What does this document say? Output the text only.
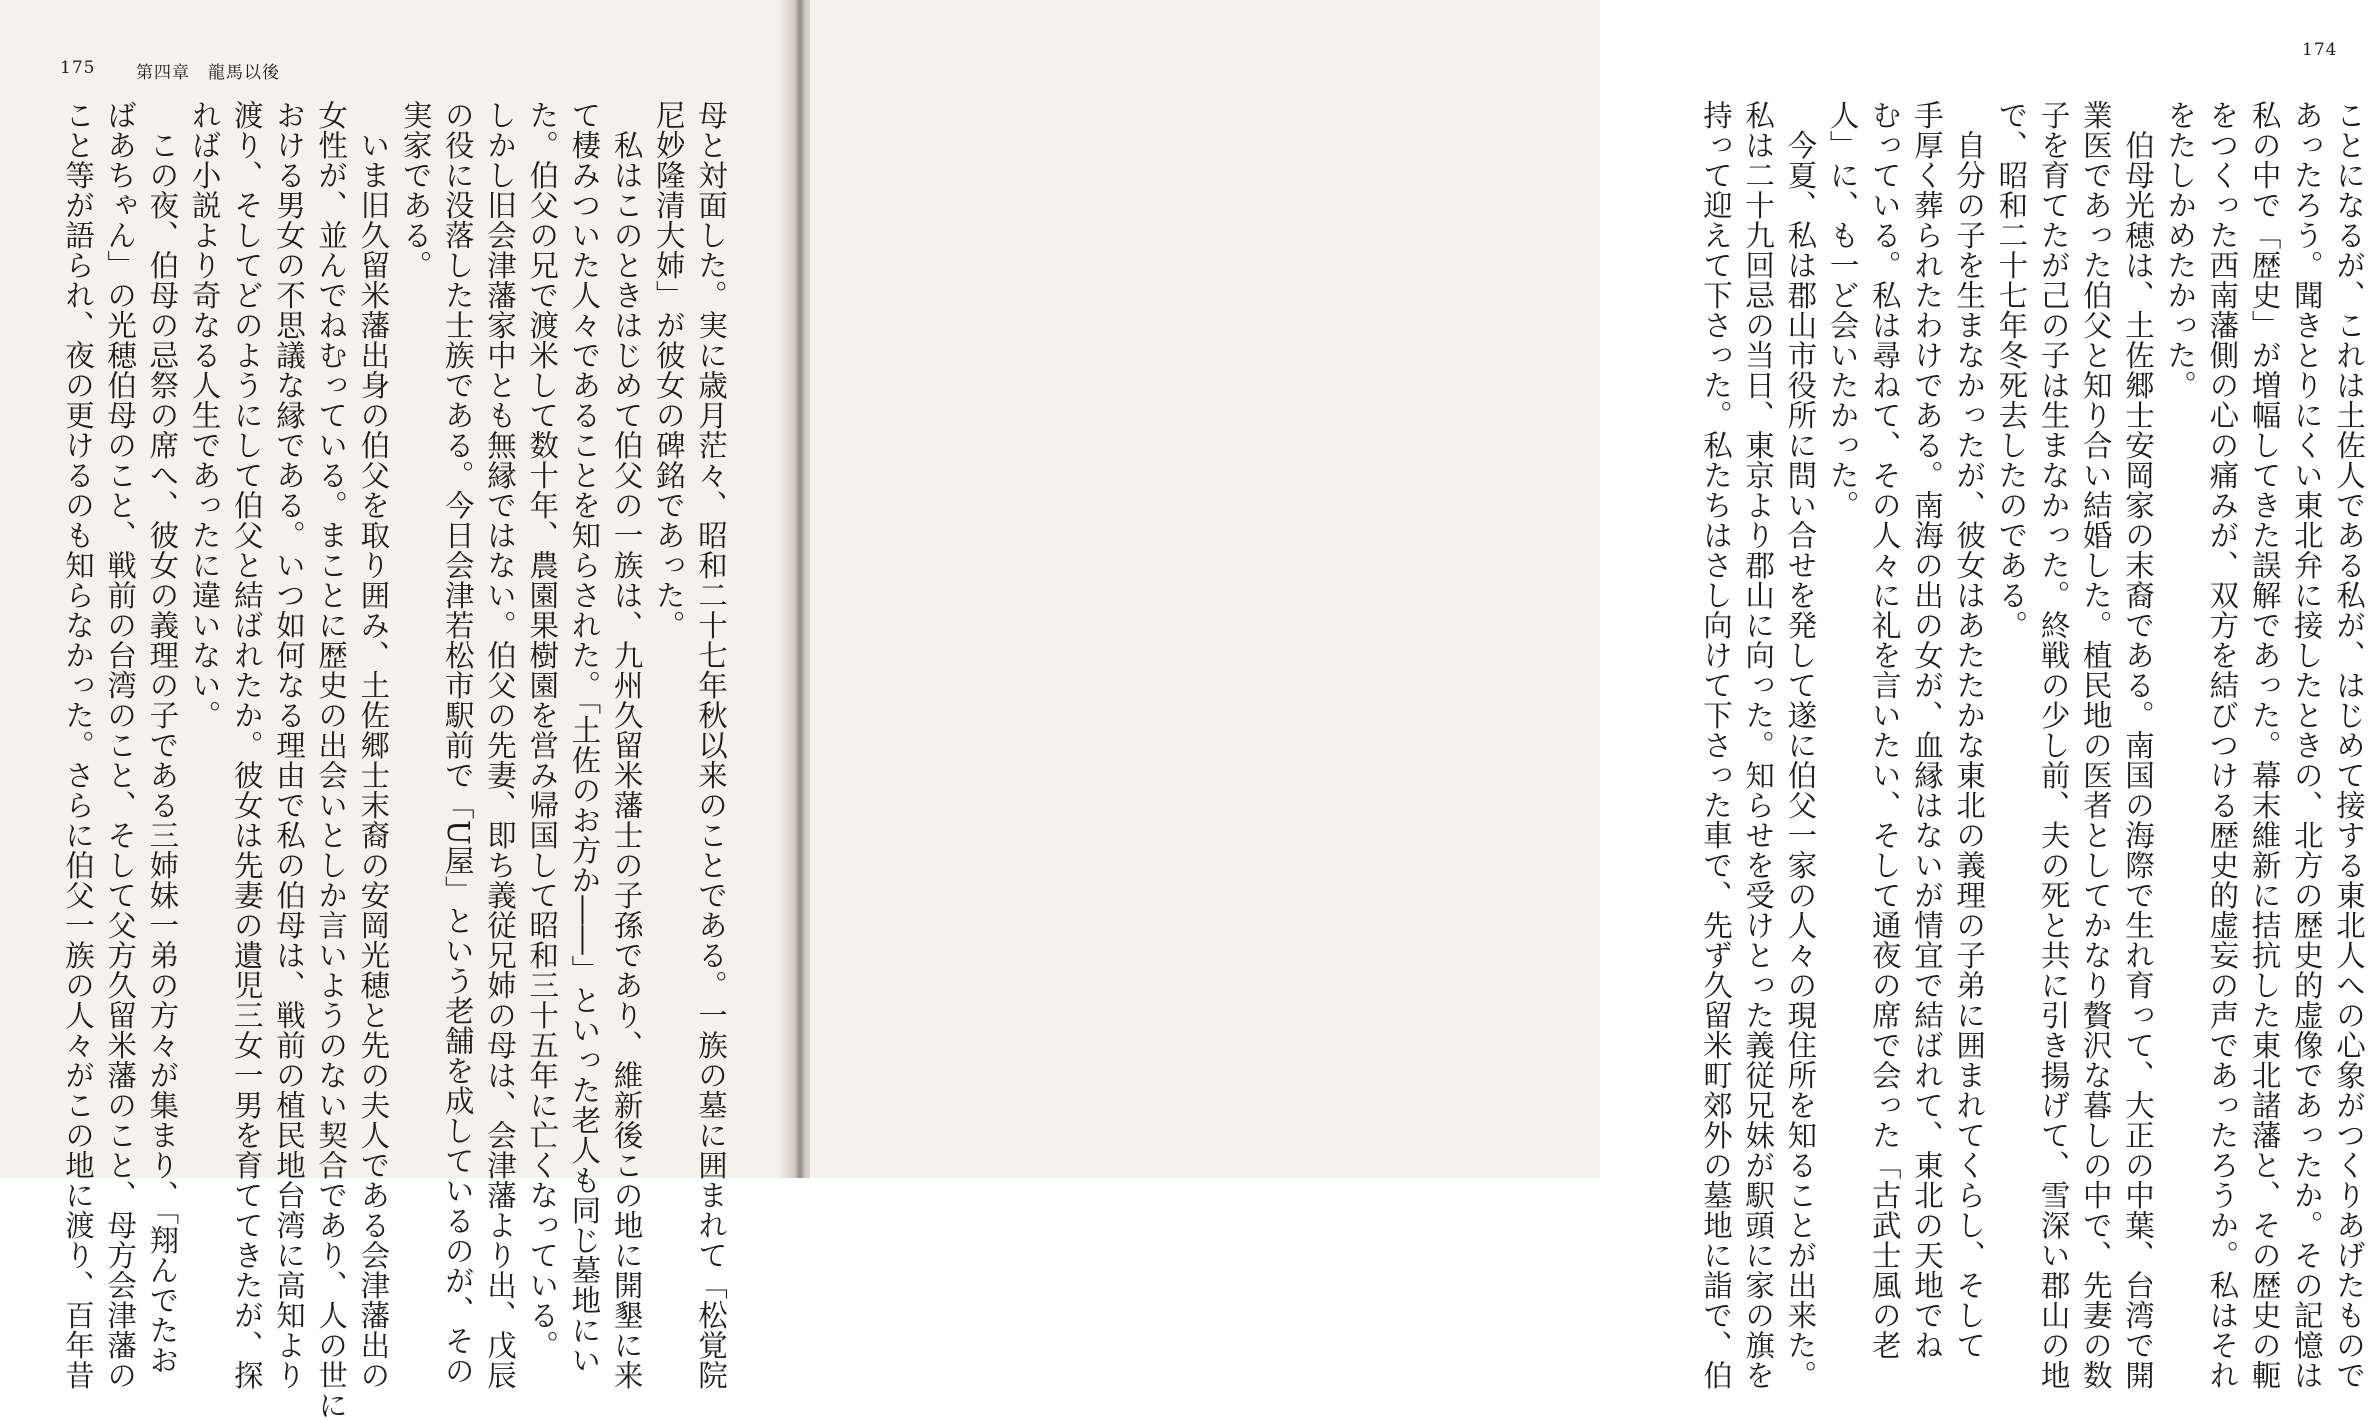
175 第四章　龍馬以後
母と対面した。実に歳月茫々、昭和二十七年秋以来のことである。一族の墓に囲まれて「松覚院
尼妙隆清大姉」が彼女の碑銘であった。
　私はこのときはじめて伯父の一族は、九州久留米藩士の子孫であり、維新後この地に開墾に来
て棲みついた人々であることを知らされた。「土佐のお方か――」といった老人も同じ墓地にい
た。伯父の兄で渡米して数十年、農園果樹園を営み帰国して昭和三十五年に亡くなっている。
しかし旧会津藩家中とも無縁ではない。伯父の先妻、即ち義従兄姉の母は、会津藩より出、戊辰
の役に没落した士族である。今日会津若松市駅前で「U屋」という老舗を成しているのが、その
実家である。
　いま旧久留米藩出身の伯父を取り囲み、土佐郷士末裔の安岡光穂と先の夫人である会津藩出の
女性が、並んでねむっている。まことに歴史の出会いとしか言いようのない契合であり、人の世に
おける男女の不思議な縁である。いつ如何なる理由で私の伯母は、戦前の植民地台湾に高知より
渡り、そしてどのようにして伯父と結ばれたか。彼女は先妻の遺児三女一男を育ててきたが、探
れば小説より奇なる人生であったに違いない。
　この夜、伯母の忌祭の席へ、彼女の義理の子である三姉妹一弟の方々が集まり、「翔んでたお
ばあちゃん」の光穂伯母のこと、戦前の台湾のこと、そして父方久留米藩のこと、母方会津藩の
こと等が語られ、夜の更けるのも知らなかった。さらに伯父一族の人々がこの地に渡り、百年昔
174
ことになるが、これは土佐人である私が、はじめて接する東北人への心象がつくりあげたもので
あったろう。聞きとりにくい東北弁に接したときの、北方の歴史的虚像であったか。その記憶は
私の中で「歴史」が増幅してきた誤解であった。幕末維新に拮抗した東北諸藩と、その歴史の軛
をつくった西南藩側の心の痛みが、双方を結びつける歴史的虚妄の声であったろうか。私はそれ
をたしかめたかった。
　伯母光穂は、土佐郷士安岡家の末裔である。南国の海際で生れ育って、大正の中葉、台湾で開
業医であった伯父と知り合い結婚した。植民地の医者としてかなり贅沢な暮しの中で、先妻の数
子を育てたが己の子は生まなかった。終戦の少し前、夫の死と共に引き揚げて、雪深い郡山の地
で、昭和二十七年冬死去したのである。
　自分の子を生まなかったが、彼女はあたたかな東北の義理の子弟に囲まれてくらし、そして
手厚く葬られたわけである。南海の出の女が、血縁はないが情宜で結ばれて、東北の天地でね
むっている。私は尋ねて、その人々に礼を言いたい、そして通夜の席で会った「古武士風の老
人」に、も一ど会いたかった。
　今夏、私は郡山市役所に問い合せを発して遂に伯父一家の人々の現住所を知ることが出来た。
私は二十九回忌の当日、東京より郡山に向った。知らせを受けとった義従兄妹が駅頭に家の旗を
持って迎えて下さった。私たちはさし向けて下さった車で、先ず久留米町郊外の墓地に詣で、伯
